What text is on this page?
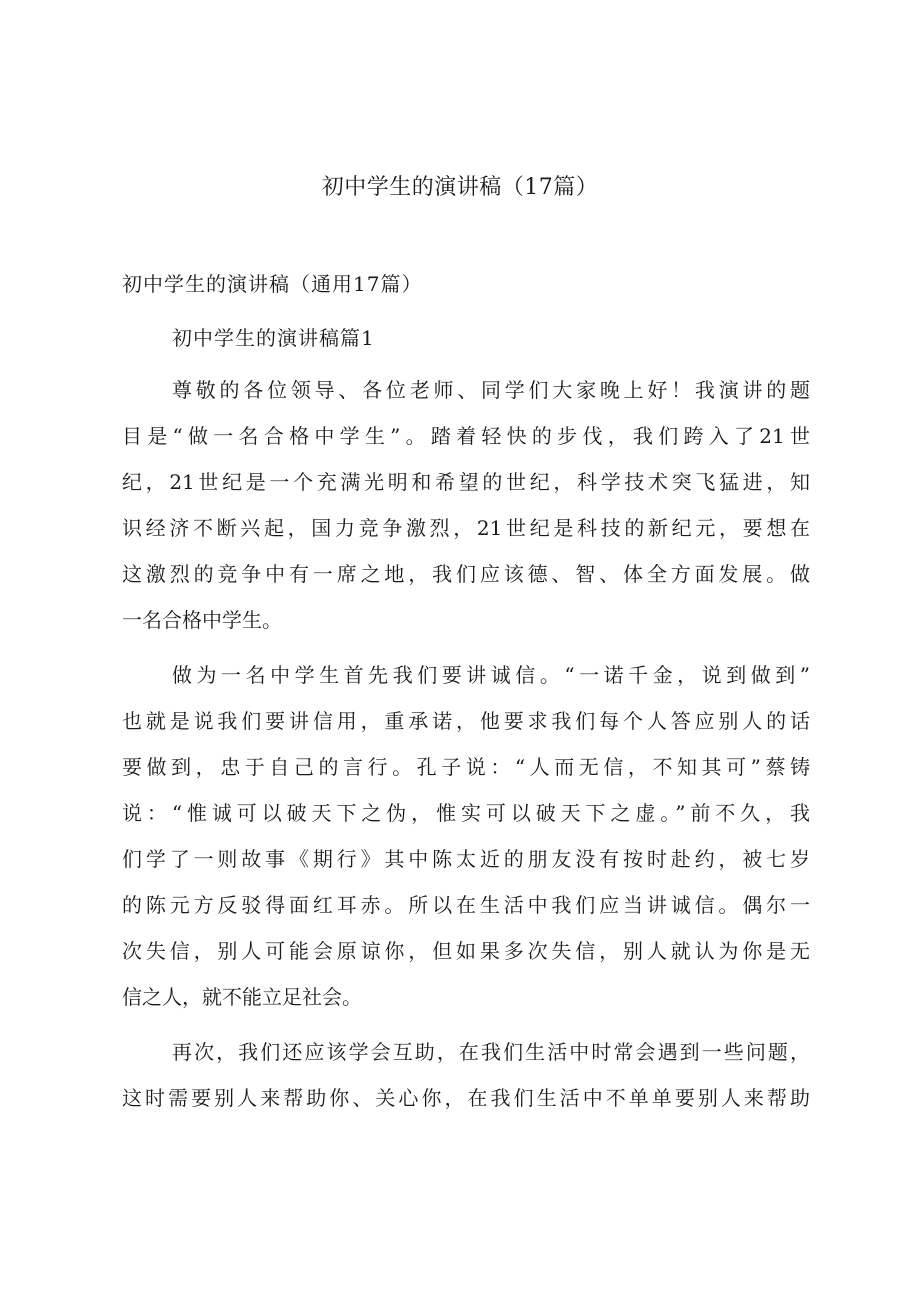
初中学生的演讲稿（17篇）
初中学生的演讲稿（通用17篇）
初中学生的演讲稿篇1
尊敬的各位领导、各位老师、同学们大家晚上好！我演讲的题
目是“做一名合格中学生”。踏着轻快的步伐，我们跨入了21世
纪，21世纪是一个充满光明和希望的世纪，科学技术突飞猛进，知
识经济不断兴起，国力竞争激烈，21世纪是科技的新纪元，要想在
这激烈的竞争中有一席之地，我们应该德、智、体全方面发展。做
一名合格中学生。
做为一名中学生首先我们要讲诚信。“一诺千金，说到做到”
也就是说我们要讲信用，重承诺，他要求我们每个人答应别人的话
要做到，忠于自己的言行。孔子说：“人而无信，不知其可”蔡铸
说：“惟诚可以破天下之伪，惟实可以破天下之虚。”前不久，我
们学了一则故事《期行》其中陈太近的朋友没有按时赴约，被七岁
的陈元方反驳得面红耳赤。所以在生活中我们应当讲诚信。偶尔一
次失信，别人可能会原谅你，但如果多次失信，别人就认为你是无
信之人，就不能立足社会。
再次，我们还应该学会互助，在我们生活中时常会遇到一些问题，
这时需要别人来帮助你、关心你，在我们生活中不单单要别人来帮助
